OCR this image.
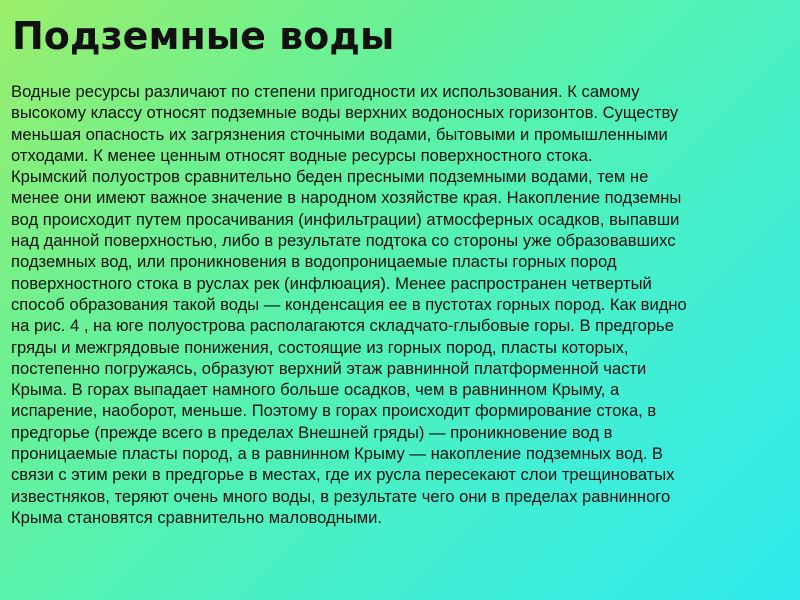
Подземные воды
Водные ресурсы различают по степени пригодности их использования. К самому
высокому классу относят подземные воды верхних водоносных горизонтов. Существу
меньшая опасность их загрязнения сточными водами, бытовыми и промышленными
отходами. К менее ценным относят водные ресурсы поверхностного стока.
Крымский полуостров сравнительно беден пресными подземными водами, тем не
менее они имеют важное значение в народном хозяйстве края. Накопление подземны
вод происходит путем просачивания (инфильтрации) атмосферных осадков, выпавши
над данной поверхностью, либо в результате подтока со стороны уже образовавшихс
подземных вод, или проникновения в водопроницаемые пласты горных пород
поверхностного стока в руслах рек (инфлюация). Менее распространен четвертый
способ образования такой воды — конденсация ее в пустотах горных пород. Как видно
на рис. 4 , на юге полуострова располагаются складчато-глыбовые горы. В предгорье
гряды и межгрядовые понижения, состоящие из горных пород, пласты которых,
постепенно погружаясь, образуют верхний этаж равнинной платформенной части
Крыма. В горах выпадает намного больше осадков, чем в равнинном Крыму, а
испарение, наоборот, меньше. Поэтому в горах происходит формирование стока, в
предгорье (прежде всего в пределах Внешней гряды) — проникновение вод в
проницаемые пласты пород, а в равнинном Крыму — накопление подземных вод. В
связи с этим реки в предгорье в местах, где их русла пересекают слои трещиноватых
известняков, теряют очень много воды, в результате чего они в пределах равнинного
Крыма становятся сравнительно маловодными.
